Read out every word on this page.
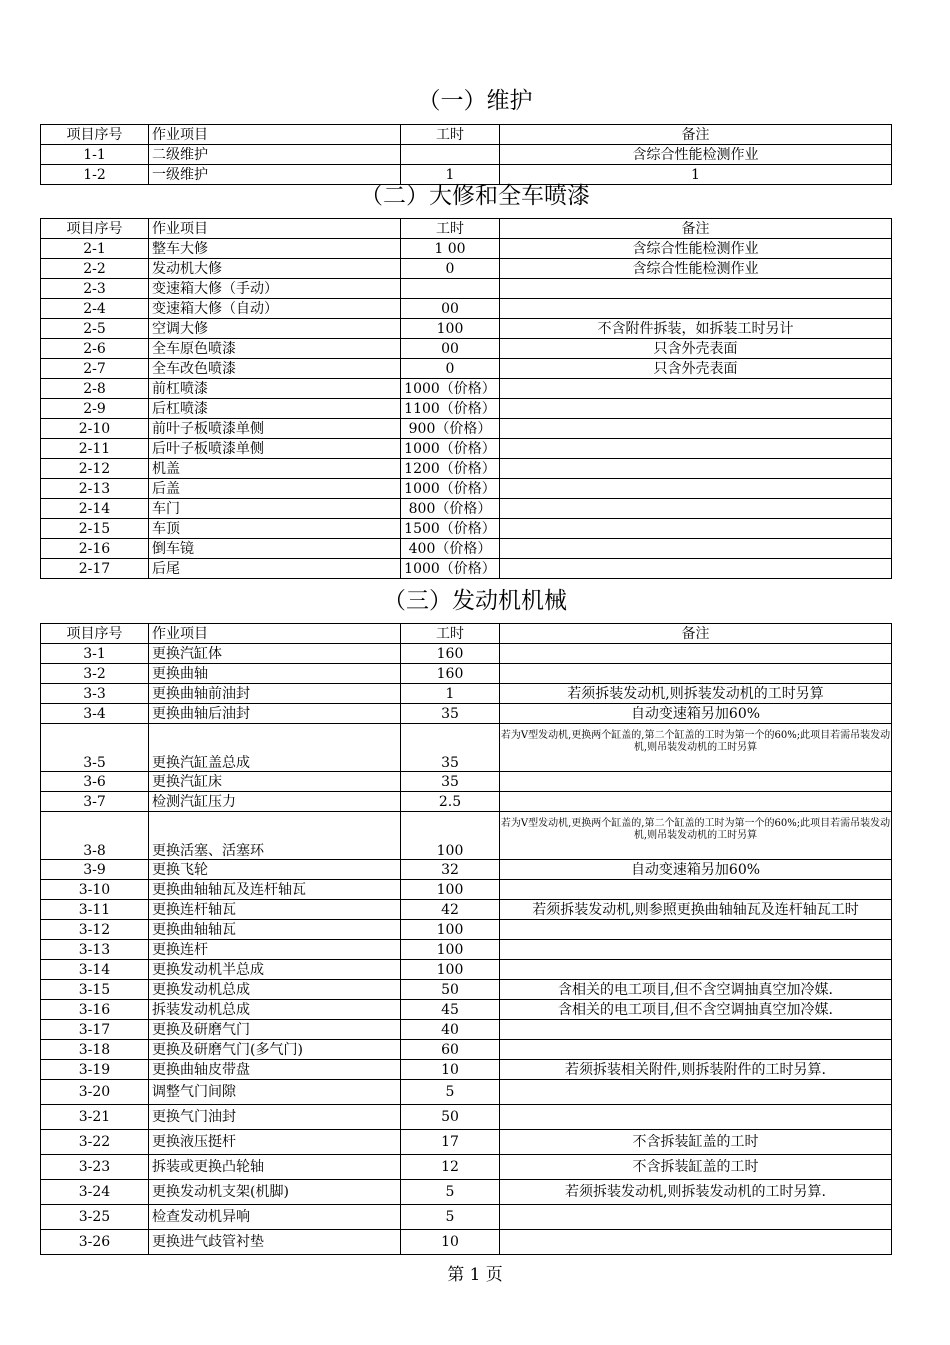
（一）维护
项目序号	作业项目	工时	备注
1-1	二级维护		含综合性能检测作业
1-2	一级维护	1	1
（二）大修和全车喷漆
项目序号	作业项目	工时	备注
2-1	整车大修	1 00	含综合性能检测作业
2-2	发动机大修	0	含综合性能检测作业
2-3	变速箱大修（手动）		
2-4	变速箱大修（自动）	00	
2-5	空调大修	100	不含附件拆装，如拆装工时另计
2-6	全车原色喷漆	00	只含外壳表面
2-7	全车改色喷漆	0	只含外壳表面
2-8	前杠喷漆	1000（价格）	
2-9	后杠喷漆	1100（价格）	
2-10	前叶子板喷漆单侧	900（价格）	
2-11	后叶子板喷漆单侧	1000（价格）	
2-12	机盖	1200（价格）	
2-13	后盖	1000（价格）	
2-14	车门	800（价格）	
2-15	车顶	1500（价格）	
2-16	倒车镜	400（价格）	
2-17	后尾	1000（价格）	
（三）发动机机械
项目序号	作业项目	工时	备注
3-1	更换汽缸体	160	
3-2	更换曲轴	160	
3-3	更换曲轴前油封	1	若须拆装发动机,则拆装发动机的工时另算
3-4	更换曲轴后油封	35	自动变速箱另加60%
3-5	更换汽缸盖总成	35	若为V型发动机,更换两个缸盖的,第二个缸盖的工时为第一个的60%;此项目若需吊装发动机,则吊装发动机的工时另算
3-6	更换汽缸床	35	
3-7	检测汽缸压力	2.5	
3-8	更换活塞、活塞环	100	若为V型发动机,更换两个缸盖的,第二个缸盖的工时为第一个的60%;此项目若需吊装发动机,则吊装发动机的工时另算
3-9	更换飞轮	32	自动变速箱另加60%
3-10	更换曲轴轴瓦及连杆轴瓦	100	
3-11	更换连杆轴瓦	42	若须拆装发动机,则参照更换曲轴轴瓦及连杆轴瓦工时
3-12	更换曲轴轴瓦	100	
3-13	更换连杆	100	
3-14	更换发动机半总成	100	
3-15	更换发动机总成	50	含相关的电工项目,但不含空调抽真空加冷媒.
3-16	拆装发动机总成	45	含相关的电工项目,但不含空调抽真空加冷媒.
3-17	更换及研磨气门	40	
3-18	更换及研磨气门(多气门)	60	
3-19	更换曲轴皮带盘	10	若须拆装相关附件,则拆装附件的工时另算.
3-20	调整气门间隙	5	
3-21	更换气门油封	50	
3-22	更换液压挺杆	17	不含拆装缸盖的工时
3-23	拆装或更换凸轮轴	12	不含拆装缸盖的工时
3-24	更换发动机支架(机脚)	5	若须拆装发动机,则拆装发动机的工时另算.
3-25	检查发动机异响	5	
3-26	更换进气歧管衬垫	10	
第 1 页
